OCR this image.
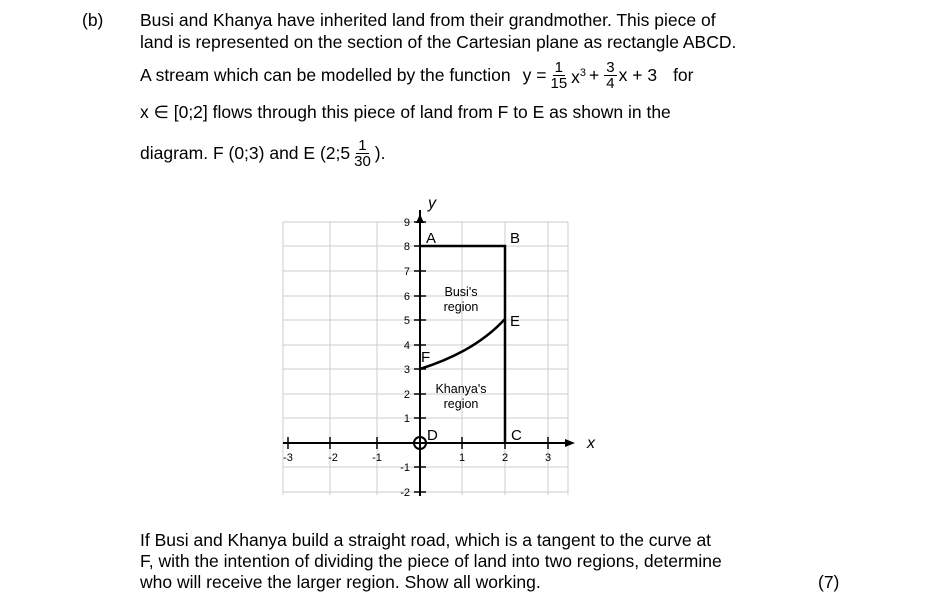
(b) Busi and Khanya have inherited land from their grandmother. This piece of
land is represented on the section of the Cartesian plane as rectangle ABCD.
A stream which can be modelled by the function $y = \frac{1}{15} x^3 + \frac{3}{4}$ x + 3 for
x ∈ [0;2] flows through this piece of land from F to E as shown in the
diagram. F (0;3) and E (2;5 $\frac{1}{30}$ ).
x
y
-3	-2	-1	1	2	3
9
8
7
6
5
4
3
2
1
-1
-2
A	B
C
D
E
F
Busi's
region
Khanya's
region
If Busi and Khanya build a straight road, which is a tangent to the curve at
F, with the intention of dividing the piece of land into two regions, determine
who will receive the larger region. Show all working.	(7)
